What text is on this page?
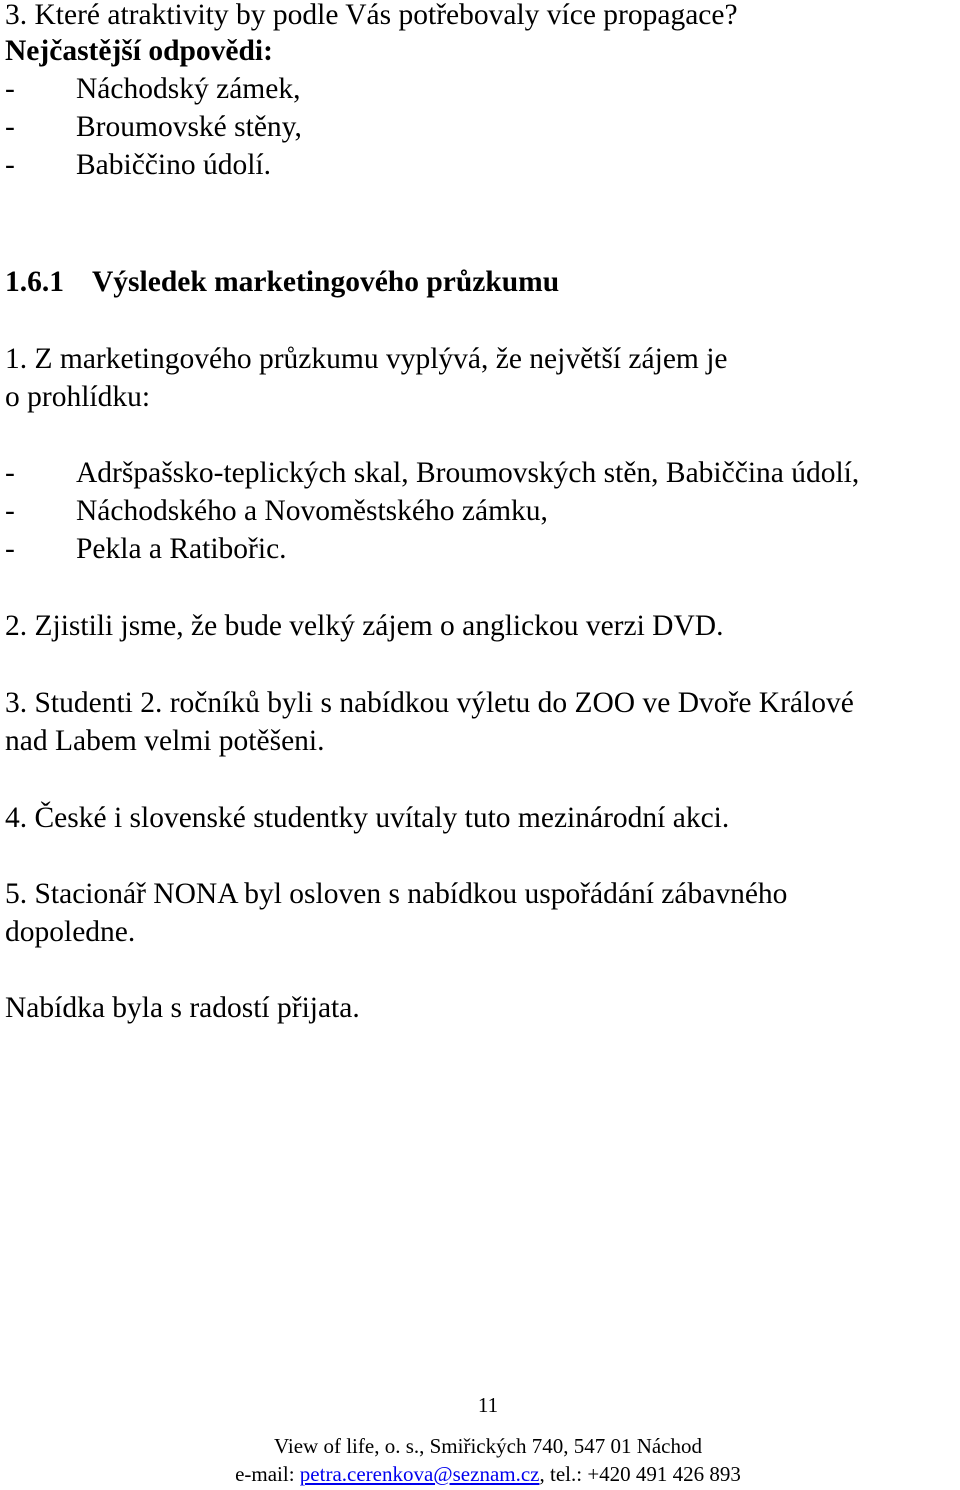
3. Které atraktivity by podle Vás potřebovaly více propagace?

Nejčastější odpovědi:

- Náchodský zámek,

- Broumovské stěny,

- Babiččino údolí.

1.6.1 Výsledek marketingového průzkumu

1. Z marketingového průzkumu vyplývá, že největší zájem je

o prohlídku:

- Adršpašsko-teplických skal, Broumovských stěn, Babiččina údolí,

- Náchodského a Novoměstského zámku,

- Pekla a Ratibořic.

2. Zjistili jsme, že bude velký zájem o anglickou verzi DVD.

3. Studenti 2. ročníků byli s nabídkou výletu do ZOO ve Dvoře Králové

nad Labem velmi potěšeni.

4. České i slovenské studentky uvítaly tuto mezinárodní akci.

5. Stacionář NONA byl osloven s nabídkou uspořádání zábavného

dopoledne.

Nabídka byla s radostí přijata.

11
View of life, o. s., Smiřických 740, 547 01 Náchod
e-mail: petra.cerenkova@seznam.cz, tel.: +420 491 426 893
